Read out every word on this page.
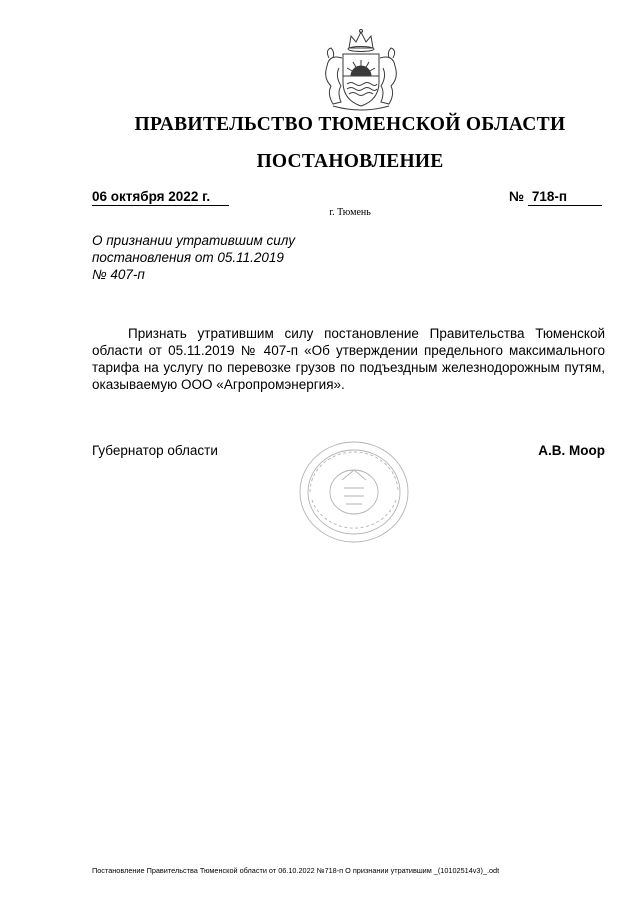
ПРАВИТЕЛЬСТВО ТЮМЕНСКОЙ ОБЛАСТИ
ПОСТАНОВЛЕНИЕ
06 октября 2022 г.	№ 718-п
г. Тюмень
О признании утратившим силу
постановления от 05.11.2019
№ 407-п
Признать утратившим силу постановление Правительства Тюменской области от 05.11.2019 № 407-п «Об утверждении предельного максимального тарифа на услугу по перевозке грузов по подъездным железнодорожным путям, оказываемую ООО «Агропромэнергия».
Губернатор области	А.В. Моор
Постановление Правительства Тюменской области от 06.10.2022 №718-п О признании утратившим _(10102514v3)_.odt
